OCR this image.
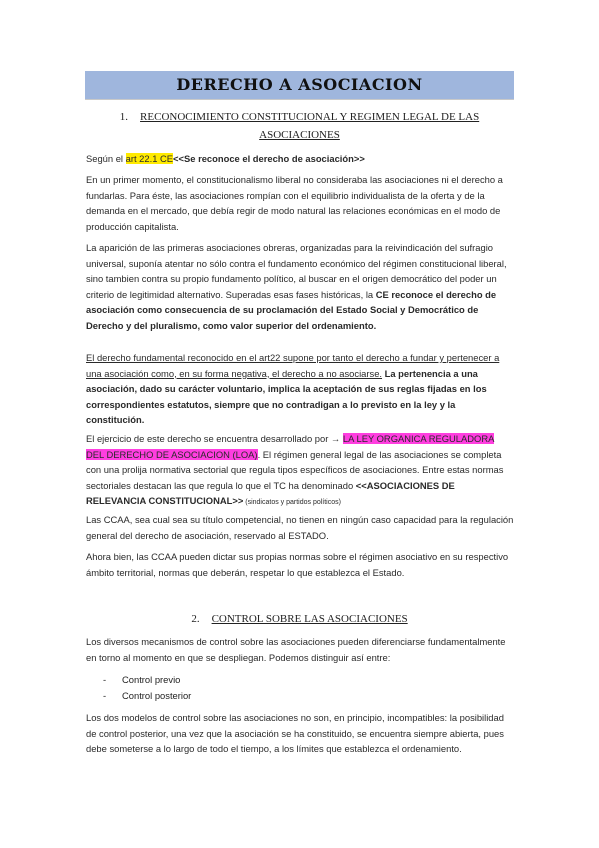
DERECHO A ASOCIACION
1. RECONOCIMIENTO CONSTITUCIONAL Y REGIMEN LEGAL DE LAS ASOCIACIONES

Según el art 22.1 CE<<Se reconoce el derecho de asociación>>

En un primer momento, el constitucionalismo liberal no consideraba las asociaciones ni el derecho a fundarlas. Para éste, las asociaciones rompían con el equilibrio individualista de la oferta y de la demanda en el mercado, que debía regir de modo natural las relaciones económicas en el modo de producción capitalista.

La aparición de las primeras asociaciones obreras, organizadas para la reivindicación del sufragio universal, suponía atentar no sólo contra el fundamento económico del régimen constitucional liberal, sino tambien contra su propio fundamento político, al buscar en el origen democrático del poder un criterio de legitimidad alternativo. Superadas esas fases históricas, la CE reconoce el derecho de asociación como consecuencia de su proclamación del Estado Social y Democrático de Derecho y del pluralismo, como valor superior del ordenamiento.

El derecho fundamental reconocido en el art22 supone por tanto el derecho a fundar y pertenecer a una asociación como, en su forma negativa, el derecho a no asociarse. La pertenencia a una asociación, dado su carácter voluntario, implica la aceptación de sus reglas fijadas en los correspondientes estatutos, siempre que no contradigan a lo previsto en la ley y la constitución.

El ejercicio de este derecho se encuentra desarrollado por → LA LEY ORGANICA REGULADORA DEL DERECHO DE ASOCIACION (LOA). El régimen general legal de las asociaciones se completa con una prolija normativa sectorial que regula tipos específicos de asociaciones. Entre estas normas sectoriales destacan las que regula lo que el TC ha denominado <<ASOCIACIONES DE RELEVANCIA CONSTITUCIONAL>> (sindicatos y partidos políticos)

Las CCAA, sea cual sea su título competencial, no tienen en ningún caso capacidad para la regulación general del derecho de asociación, reservado al ESTADO.

Ahora bien, las CCAA pueden dictar sus propias normas sobre el régimen asociativo en su respectivo ámbito territorial, normas que deberán, respetar lo que establezca el Estado.

2. CONTROL SOBRE LAS ASOCIACIONES

Los diversos mecanismos de control sobre las asociaciones pueden diferenciarse fundamentalmente en torno al momento en que se despliegan. Podemos distinguir así entre:

- Control previo
- Control posterior

Los dos modelos de control sobre las asociaciones no son, en principio, incompatibles: la posibilidad de control posterior, una vez que la asociación se ha constituido, se encuentra siempre abierta, pues debe someterse a lo largo de todo el tiempo, a los límites que establezca el ordenamiento.
